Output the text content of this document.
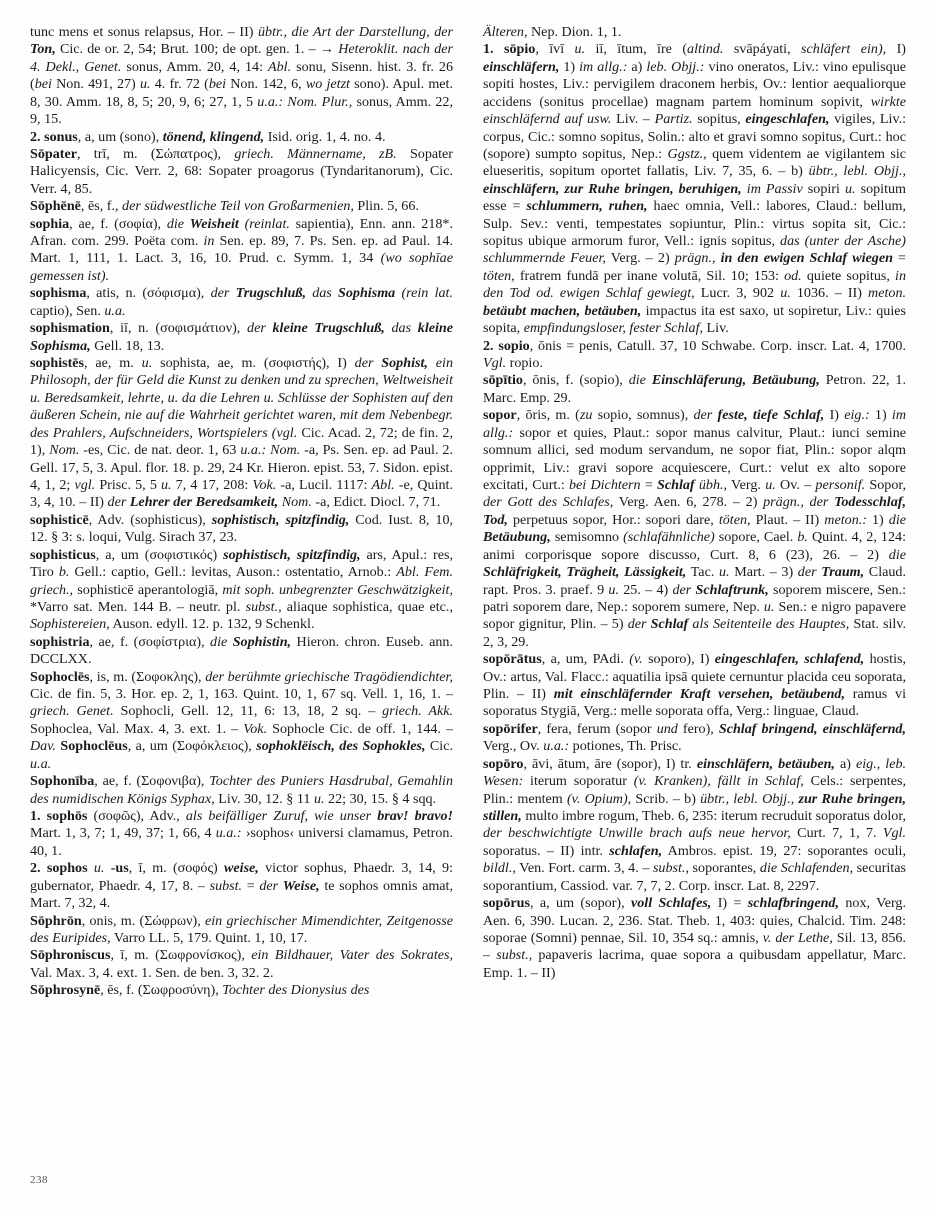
tunc mens et sonus relapsus, Hor. – II) übtr., die Art der Darstellung, der Ton, Cic. de or. 2, 54; Brut. 100; de opt. gen. 1. – → Heteroklit. nach der 4. Dekl., Genet. sonus, Amm. 20, 4, 14: Abl. sonu, Sisenn. hist. 3. fr. 26 (bei Non. 491, 27) u. 4. fr. 72 (bei Non. 142, 6, wo jetzt sono). Apul. met. 8, 30. Amm. 18, 8, 5; 20, 9, 6; 27, 1, 5 u.a.: Nom. Plur., sonus, Amm. 22, 9, 15.

2. sonus, a, um (sono), tönend, klingend, Isid. orig. 1, 4. no. 4.

Sōpater, trī, m. (Σώπατρος), griech. Männername, zB. Sopater Halicyensis, Cic. Verr. 2, 68: Sopater proagorus (Tyndaritanorum), Cic. Verr. 4, 85.

Sōphēnē, ēs, f., der südwestliche Teil von Großarmenien, Plin. 5, 66.

sophia, ae, f. (σοφία), die Weisheit (reinlat. sapientia), Enn. ann. 218*. Afran. com. 299. Poëta com. in Sen. ep. 89, 7. Ps. Sen. ep. ad Paul. 14. Mart. 1, 111, 1. Lact. 3, 16, 10. Prud. c. Symm. 1, 34 (wo sophīae gemessen ist).

sophisma, atis, n. (σόφισμα), der Trugschluß, das Sophisma (rein lat. captio), Sen. u.a.

sophismation, iī, n. (σοφισμάτιον), der kleine Trugschluß, das kleine Sophisma, Gell. 18, 13.

sophistēs, ae, m. u. sophista, ae, m. (σοφιστής), I) der Sophist, ein Philosoph, der für Geld die Kunst zu denken und zu sprechen, Weltweisheit u. Beredsamkeit, lehrte, u. da die Lehren u. Schlüsse der Sophisten auf den äußeren Schein, nie auf die Wahrheit gerichtet waren, mit dem Nebenbegr. des Prahlers, Aufschneiders, Wortspielers (vgl. Cic. Acad. 2, 72; de fin. 2, 1), Nom. -es, Cic. de nat. deor. 1, 63 u.a.: Nom. -a, Ps. Sen. ep. ad Paul. 2. Gell. 17, 5, 3. Apul. flor. 18. p. 29, 24 Kr. Hieron. epist. 53, 7. Sidon. epist. 4, 1, 2; vgl. Prisc. 5, 5 u. 7, 4 17, 208: Vok. -a, Lucil. 1117: Abl. -e, Quint. 3, 4, 10. – II) der Lehrer der Beredsamkeit, Nom. -a, Edict. Diocl. 7, 71.

sophisticē, Adv. (sophisticus), sophistisch, spitzfindig, Cod. Iust. 8, 10, 12. § 3: s. loqui, Vulg. Sirach 37, 23.

sophisticus, a, um (σοφιστικός) sophistisch, spitzfindig, ars, Apul.: res, Tiro b. Gell.: captio, Gell.: levitas, Auson.: ostentatio, Arnob.: Abl. Fem. griech., sophisticē aperantologiā, mit soph. unbegrenzter Geschwätzigkeit, *Varro sat. Men. 144 B. – neutr. pl. subst., aliaque sophistica, quae etc., Sophistereien, Auson. edyll. 12. p. 132, 9 Schenkl.

sophistria, ae, f. (σοφίστρια), die Sophistin, Hieron. chron. Euseb. ann. DCCLXX.

Sophoclēs, is, m. (Σοφοκλης), der berühmte griechische Tragödiendichter, Cic. de fin. 5, 3. Hor. ep. 2, 1, 163. Quint. 10, 1, 67 sq. Vell. 1, 16, 1. – griech. Genet. Sophocli, Gell. 12, 11, 6: 13, 18, 2 sq. – griech. Akk. Sophoclea, Val. Max. 4, 3. ext. 1. – Vok. Sophocle Cic. de off. 1, 144. – Dav. Sophoclēus, a, um (Σοφόκλειος), sophoklëisch, des Sophokles, Cic. u.a.

Sophonība, ae, f. (Σοφονιβα), Tochter des Puniers Hasdrubal, Gemahlin des numidischen Königs Syphax, Liv. 30, 12. § 11 u. 22; 30, 15. § 4 sqq.

1. sophōs (σοφῶς), Adv., als beifälliger Zuruf, wie unser brav! bravo! Mart. 1, 3, 7; 1, 49, 37; 1, 66, 4 u.a.: ›sophos‹ universi clamamus, Petron. 40, 1.

2. sophos u. -us, ī, m. (σοφός) weise, victor sophus, Phaedr. 3, 14, 9: gubernator, Phaedr. 4, 17, 8. – subst. = der Weise, te sophos omnis amat, Mart. 7, 32, 4.

Sōphrōn, onis, m. (Σώφρων), ein griechischer Mimendichter, Zeitgenosse des Euripides, Varro LL. 5, 179. Quint. 1, 10, 17.

Sōphroniscus, ī, m. (Σωφρονίσκος), ein Bildhauer, Vater des Sokrates, Val. Max. 3, 4. ext. 1. Sen. de ben. 3, 32. 2.

Sōphrosynē, ēs, f. (Σωφροσύνη), Tochter des Dionysius des

Älteren, Nep. Dion. 1, 1.

1. sōpio, īvī u. iī, ītum, īre (altind. svāpáyati, schläfert ein), I) einschläfern, 1) im allg.: a) leb. Objj.: vino oneratos, Liv.: vino epulisque sopiti hostes, Liv.: pervigilem draconem herbis, Ov.: lentior aequaliorque accidens (sonitus procellae) magnam partem hominum sopivit, wirkte einschläfernd auf usw. Liv. – Partiz. sopitus, eingeschlafen, vigiles, Liv.: corpus, Cic.: somno sopitus, Solin.: alto et gravi somno sopitus, Curt.: hoc (sopore) sumpto sopitus, Nep.: Ggstz., quem videntem ae vigilantem sic elueseritis, sopitum oportet fallatis, Liv. 7, 35, 6. – b) übtr., lebl. Objj., einschläfern, zur Ruhe bringen, beruhigen, im Passiv sopiri u. sopitum esse = schlummern, ruhen, haec omnia, Vell.: labores, Claud.: bellum, Sulp. Sev.: venti, tempestates sopiuntur, Plin.: virtus sopita sit, Cic.: sopitus ubique armorum furor, Vell.: ignis sopitus, das (unter der Asche) schlummernde Feuer, Verg. – 2) prägn., in den ewigen Schlaf wiegen = töten, fratrem fundā per inane volutā, Sil. 10; 153: od. quiete sopitus, in den Tod od. ewigen Schlaf gewiegt, Lucr. 3, 902 u. 1036. – II) meton. betäubt machen, betäuben, impactus ita est saxo, ut sopiretur, Liv.: quies sopita, empfindungsloser, fester Schlaf, Liv.

2. sopio, ōnis = penis, Catull. 37, 10 Schwabe. Corp. inscr. Lat. 4, 1700. Vgl. ropio.

sōpītio, ōnis, f. (sopio), die Einschläferung, Betäubung, Petron. 22, 1. Marc. Emp. 29.

sopor, ōris, m. (zu sopio, somnus), der feste, tiefe Schlaf, I) eig.: 1) im allg.: sopor et quies, Plaut.: sopor manus calvitur, Plaut.: iunci semine somnum allici, sed modum servandum, ne sopor fiat, Plin.: sopor alqm opprimit, Liv.: gravi sopore acquiescere, Curt.: velut ex alto sopore excitati, Curt.: bei Dichtern = Schlaf übh., Verg. u. Ov. – personif. Sopor, der Gott des Schlafes, Verg. Aen. 6, 278. – 2) prägn., der Todesschlaf, Tod, perpetuus sopor, Hor.: sopori dare, töten, Plaut. – II) meton.: 1) die Betäubung, semisomno (schlafähnliche) sopore, Cael. b. Quint. 4, 2, 124: animi corporisque sopore discusso, Curt. 8, 6 (23), 26. – 2) die Schläfrigkeit, Trägheit, Lässigkeit, Tac. u. Mart. – 3) der Traum, Claud. rapt. Pros. 3. praef. 9 u. 25. – 4) der Schlaftrunk, soporem miscere, Sen.: patri soporem dare, Nep.: soporem sumere, Nep. u. Sen.: e nigro papavere sopor gignitur, Plin. – 5) der Schlaf als Seitenteile des Hauptes, Stat. silv. 2, 3, 29.

sopōrātus, a, um, PAdi. (v. soporo), I) eingeschlafen, schlafend, hostis, Ov.: artus, Val. Flacc.: aquatilia ipsā quiete cernuntur placida ceu soporata, Plin. – II) mit einschläfernder Kraft versehen, betäubend, ramus vi soporatus Stygiā, Verg.: melle soporata offa, Verg.: linguae, Claud.

sopōrifer, fera, ferum (sopor und fero), Schlaf bringend, einschläfernd, Verg., Ov. u.a.: potiones, Th. Prisc.

sopōro, āvi, ātum, āre (sopor), I) tr. einschläfern, betäuben, a) eig., leb. Wesen: iterum soporatur (v. Kranken), fällt in Schlaf, Cels.: serpentes, Plin.: mentem (v. Opium), Scrib. – b) übtr., lebl. Objj., zur Ruhe bringen, stillen, multo imbre rogum, Theb. 6, 235: iterum recruduit soporatus dolor, der beschwichtigte Unwille brach aufs neue hervor, Curt. 7, 1, 7. Vgl. soporatus. – II) intr. schlafen, Ambros. epist. 19, 27: soporantes oculi, bildl., Ven. Fort. carm. 3, 4. – subst., soporantes, die Schlafenden, securitas soporantium, Cassiod. var. 7, 7, 2. Corp. inscr. Lat. 8, 2297.

sopōrus, a, um (sopor), voll Schlafes, I) = schlafbringend, nox, Verg. Aen. 6, 390. Lucan. 2, 236. Stat. Theb. 1, 403: quies, Chalcid. Tim. 248: soporae (Somni) pennae, Sil. 10, 354 sq.: amnis, v. der Lethe, Sil. 13, 856. – subst., papaveris lacrima, quae sopora a quibusdam appellatur, Marc. Emp. 1. – II)

238
